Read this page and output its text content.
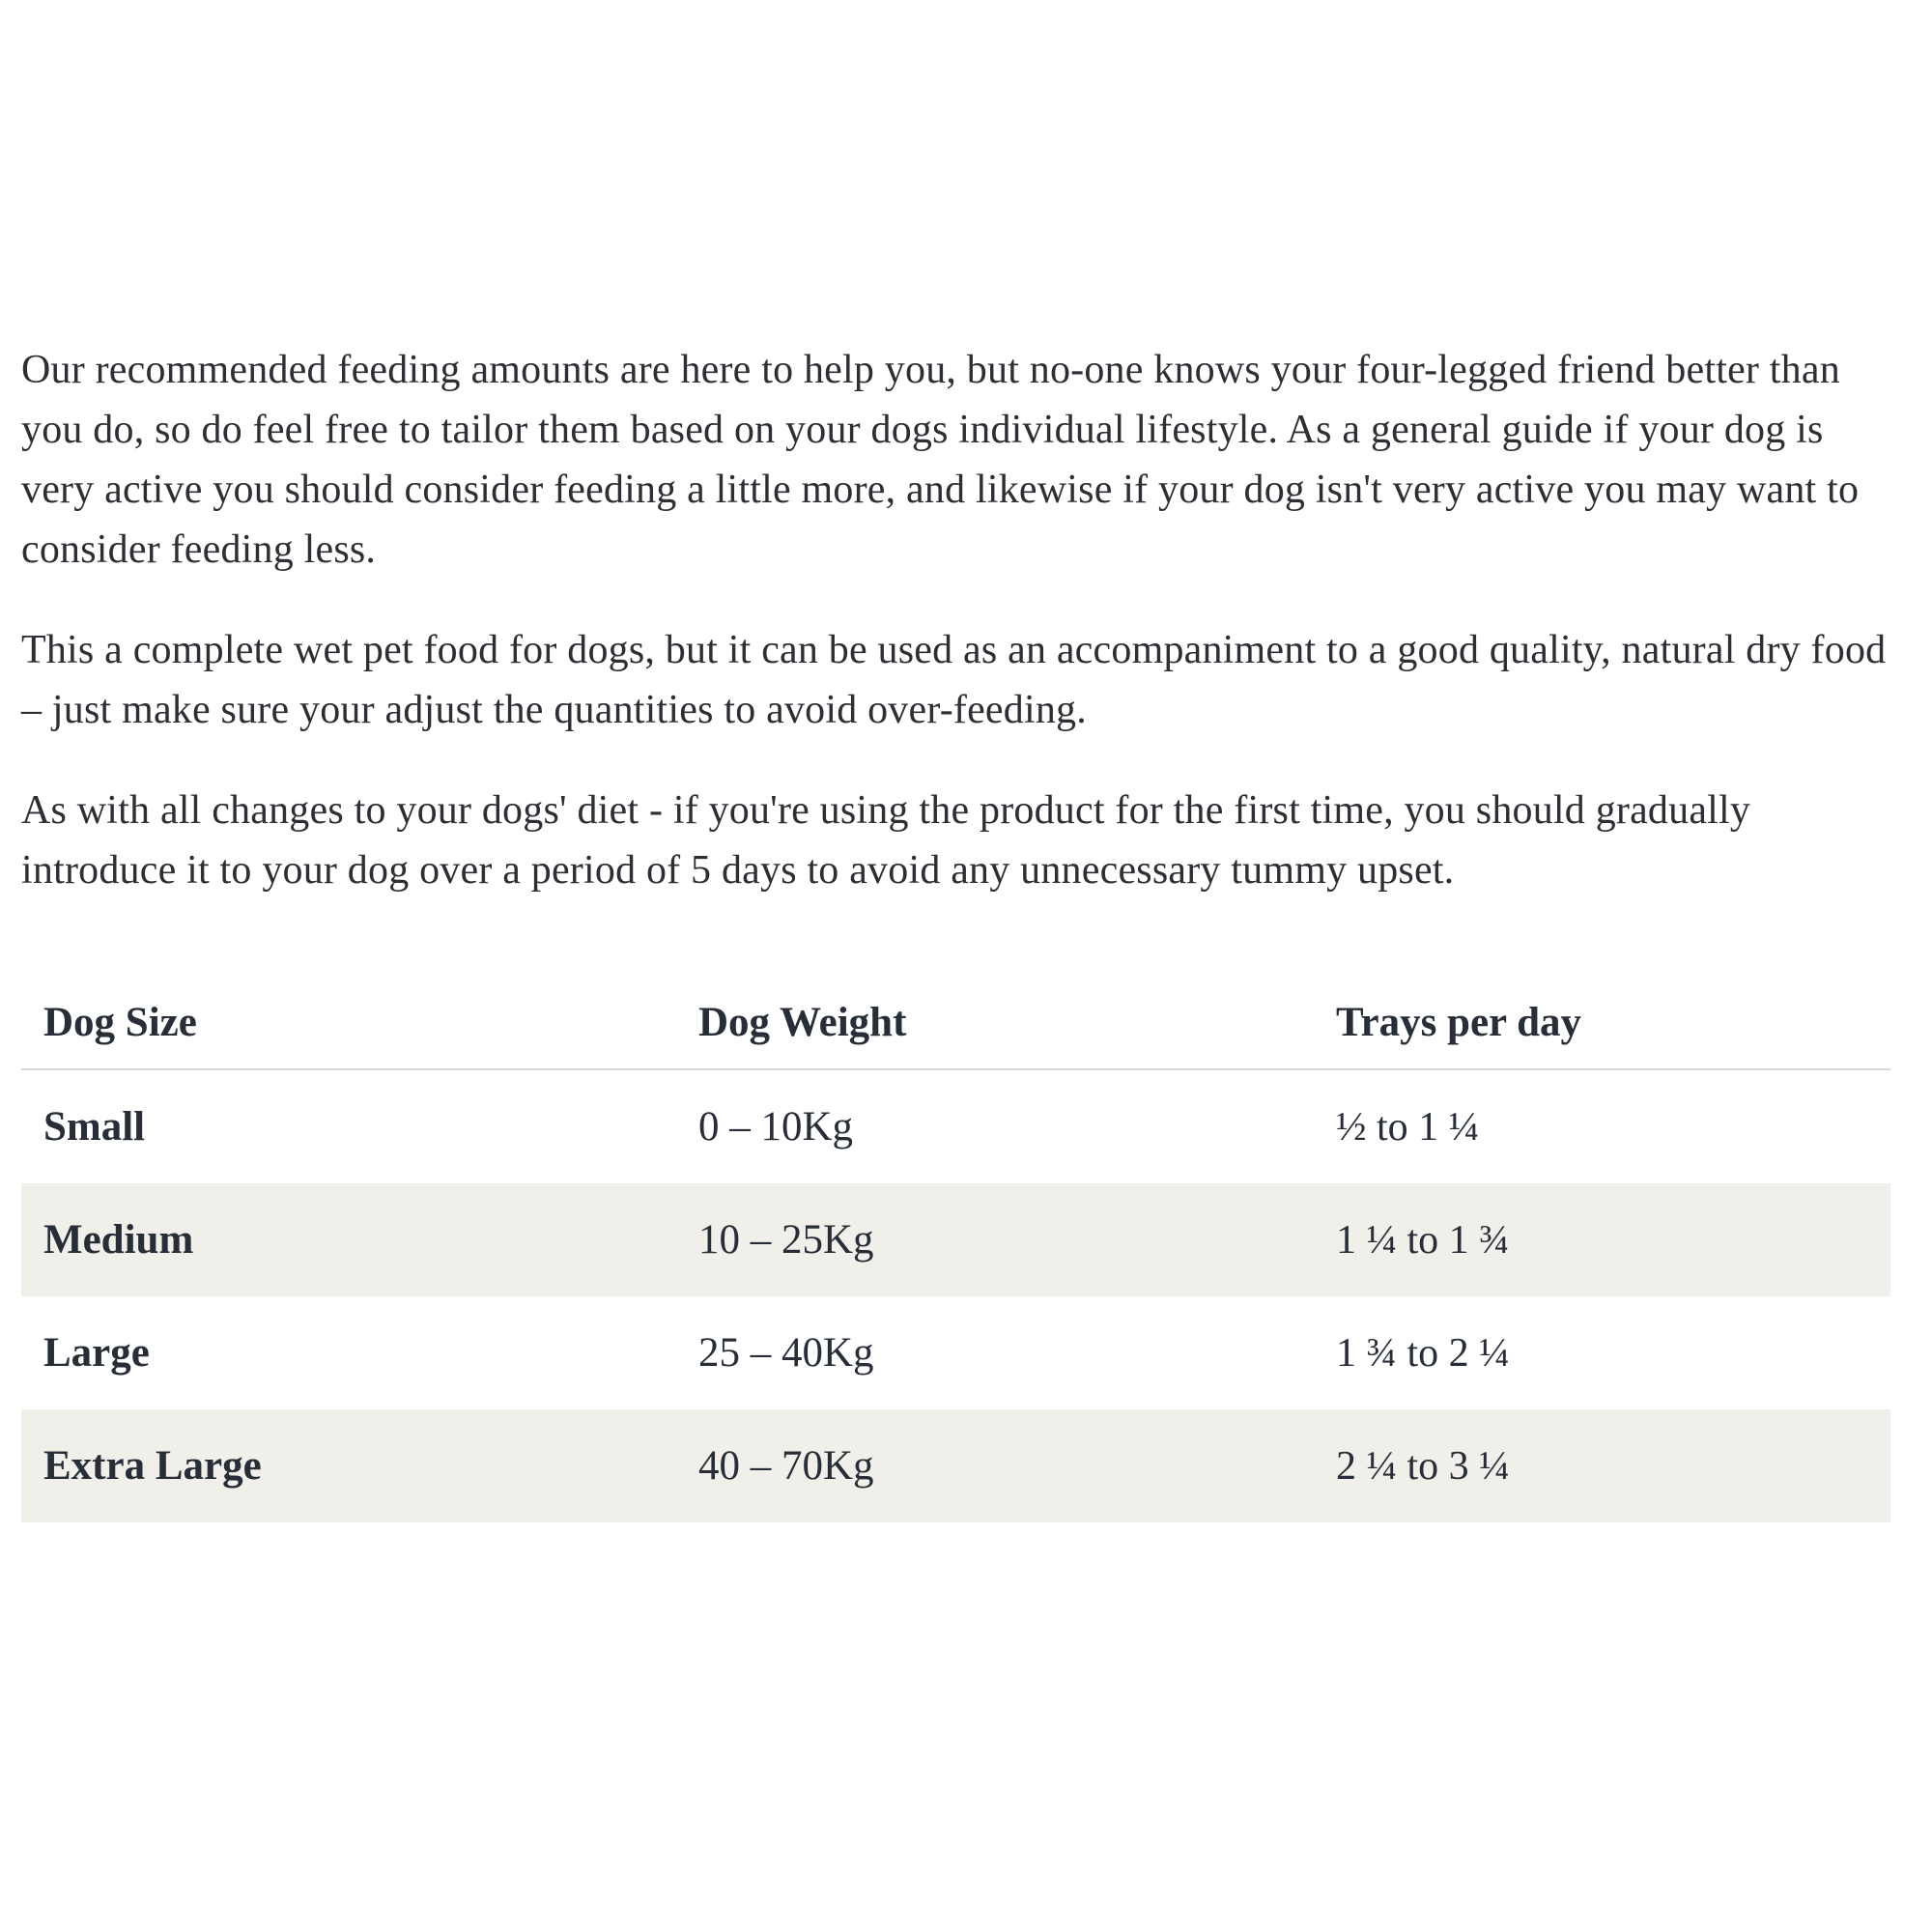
Our recommended feeding amounts are here to help you, but no-one knows your four-legged friend better than you do, so do feel free to tailor them based on your dogs individual lifestyle. As a general guide if your dog is very active you should consider feeding a little more, and likewise if your dog isn't very active you may want to consider feeding less.

This a complete wet pet food for dogs, but it can be used as an accompaniment to a good quality, natural dry food – just make sure your adjust the quantities to avoid over-feeding.

As with all changes to your dogs' diet - if you're using the product for the first time, you should gradually introduce it to your dog over a period of 5 days to avoid any unnecessary tummy upset.

Dog Size	Dog Weight	Trays per day
Small	0 – 10Kg	½ to 1 ¼
Medium	10 – 25Kg	1 ¼ to 1 ¾
Large	25 – 40Kg	1 ¾ to 2 ¼
Extra Large	40 – 70Kg	2 ¼ to 3 ¼
